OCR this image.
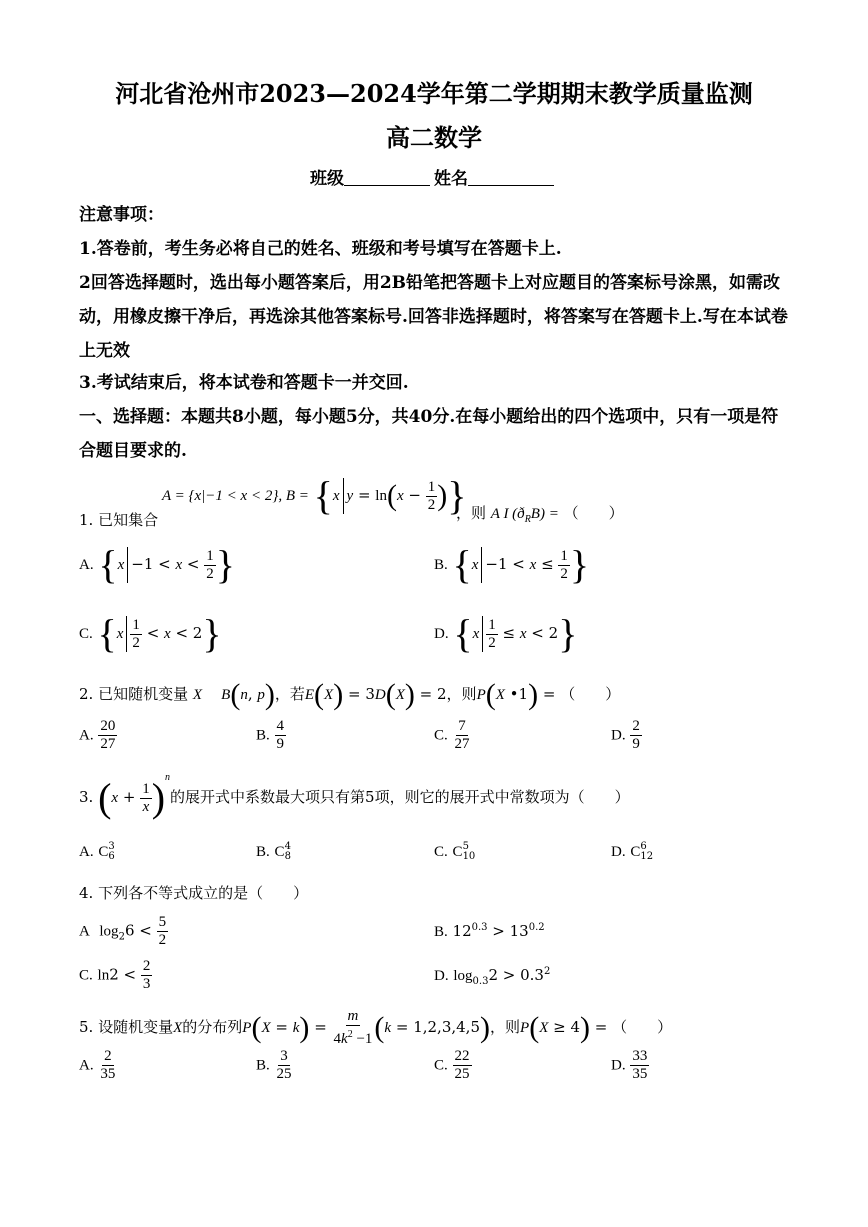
河北省沧州市2023—2024学年第二学期期末教学质量监测
高二数学
班级	姓名
注意事项：
1.答卷前，考生务必将自己的姓名、班级和考号填写在答题卡上.
2回答选择题时，选出每小题答案后，用2B铅笔把答题卡上对应题目的答案标号涂黑，如需改动，用橡皮擦干净后，再选涂其他答案标号.回答非选择题时，将答案写在答题卡上.写在本试卷上无效
3.考试结束后，将本试卷和答题卡一并交回.
一、选择题：本题共8小题，每小题5分，共40分.在每小题给出的四个选项中，只有一项是符合题目要求的.
A = {x|−1 < x < 2}, B = {x $y = \ln(x - \frac{1}{2}$ )}
1. 已知集合	，则 A I $(ð_RB)$ = （　　）
A. {$x -1 < x < \frac{1}{2}$ }	B. {$x -1 < x \le \frac{1}{2}$ }
C. $\{x \frac{1}{2} < x < 2\}$	D. $\{x \frac{1}{2} \le x < 2\}$
2. 已知随机变量 X B(n, p)，若E(X) = 3D(X) = 2，则P(X •1) = （　　）
A. $\frac{20}{27}$	B. $\frac{4}{9}$	C. $\frac{7}{27}$	D. $\frac{2}{9}$
3. $(x + \frac{1}{x} )^n$的展开式中系数最大项只有第5项，则它的展开式中常数项为（　　）
A. C 3
6	B. C 4
8	C. C 5
10	D. C 6
12
4. 下列各不等式成立的是（　　）
A $\log_26 < \frac{5}{2}$	B. $12^{0.3} > 13^{0.2}$
C. $\ln 2 < \frac{2}{3}$	D. $\log_{0.3}2 > 0.3^2$
5. 设随机变量X的分布列$P(X = k) = \frac{m}{4k^2 -1} (k = 1,2,3,4,5)$，则P(X ≥ 4) = （　　）
A. $\frac{2}{35}$	B. $\frac{3}{25}$	C. $\frac{22}{25}$	D. $\frac{33}{35}$
